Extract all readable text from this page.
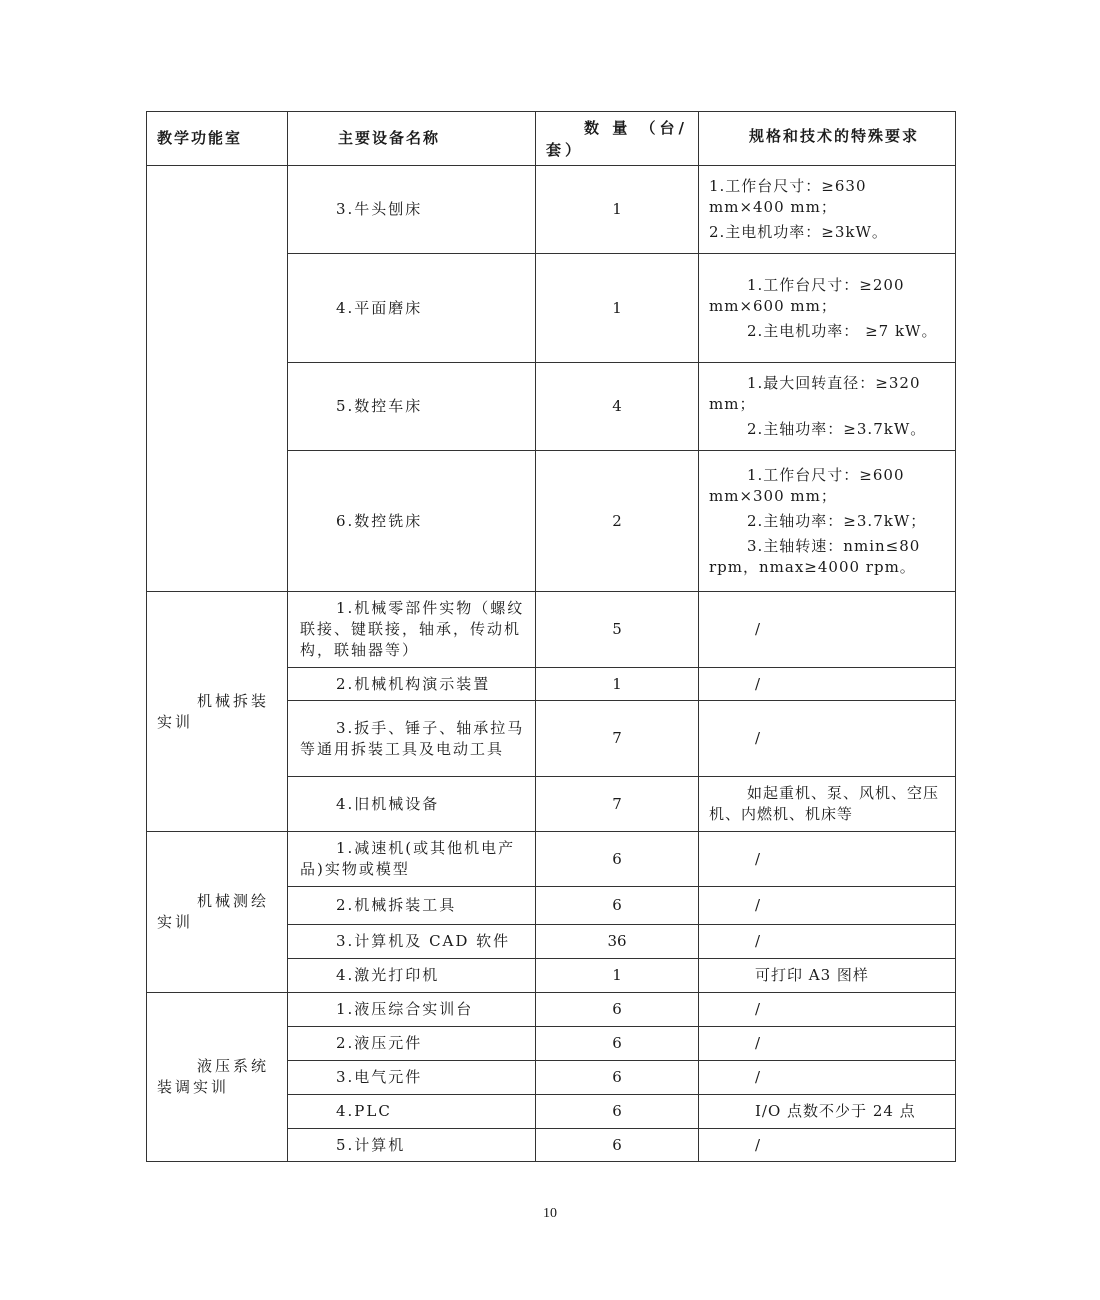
教学功能室	主要设备名称	数 量 （台/
套）	规格和技术的特殊要求
	3.牛头刨床	1	1.工作台尺寸：≥630 mm×400 mm；

2.主电机功率：≥3kW。

	4.平面磨床	1	1.工作台尺寸：≥200 mm×600 mm；

2.主电机功率： ≥7 kW。

	5.数控车床	4	1.最大回转直径：≥320 mm；

2.主轴功率：≥3.7kW。

	6.数控铣床	2	1.工作台尺寸：≥600 mm×300 mm；

2.主轴功率：≥3.7kW；

3.主轴转速：nmin≤80 rpm，nmax≥4000 rpm。

机械拆装
实训	1.机械零部件实物（螺纹联接、键联接，轴承，传动机构，联轴器等）	5	/

	2.机械机构演示装置	1	/

	3.扳手、锤子、轴承拉马等通用拆装工具及电动工具	7	/

	4.旧机械设备	7	如起重机、泵、风机、空压机、内燃机、机床等

机械测绘
实训	1.减速机(或其他机电产品)实物或模型	6	/

	2.机械拆装工具	6	/

	3.计算机及 CAD 软件	36	/

	4.激光打印机	1	可打印 A3 图样

液压系统
装调实训	1.液压综合实训台	6	/

	2.液压元件	6	/

	3.电气元件	6	/

	4.PLC	6	I/O 点数不少于 24 点

	5.计算机	6	/
10
